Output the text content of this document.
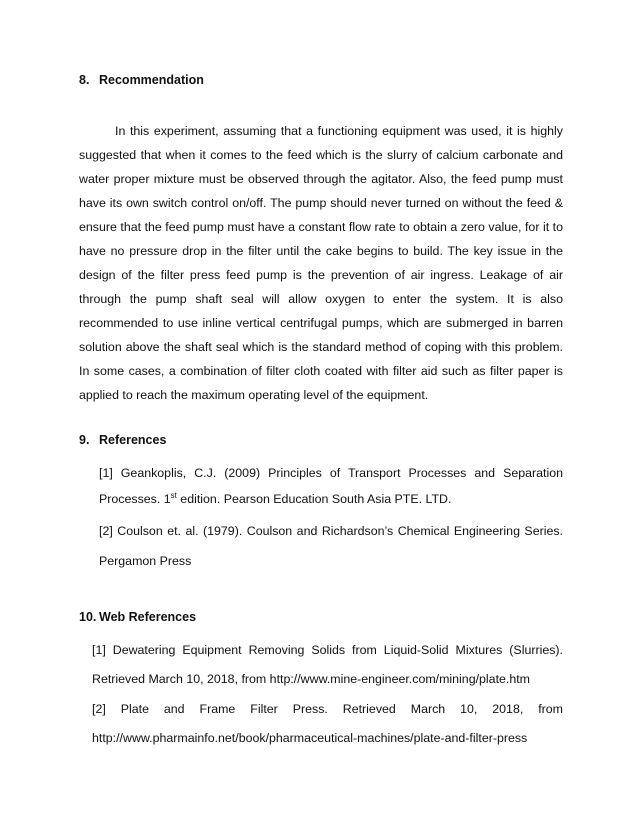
8. Recommendation
In this experiment, assuming that a functioning equipment was used, it is highly
suggested that when it comes to the feed which is the slurry of calcium carbonate and
water proper mixture must be observed through the agitator. Also, the feed pump must
have its own switch control on/off. The pump should never turned on without the feed &
ensure that the feed pump must have a constant flow rate to obtain a zero value, for it to
have no pressure drop in the filter until the cake begins to build. The key issue in the
design of the filter press feed pump is the prevention of air ingress. Leakage of air
through the pump shaft seal will allow oxygen to enter the system. It is also
recommended to use inline vertical centrifugal pumps, which are submerged in barren
solution above the shaft seal which is the standard method of coping with this problem.
In some cases, a combination of filter cloth coated with filter aid such as filter paper is
applied to reach the maximum operating level of the equipment.
9. References
[1] Geankoplis, C.J. (2009) Principles of Transport Processes and Separation
Processes. 1st edition. Pearson Education South Asia PTE. LTD.
[2] Coulson et. al. (1979). Coulson and Richardson’s Chemical Engineering Series.
Pergamon Press
10. Web References
[1] Dewatering Equipment Removing Solids from Liquid-Solid Mixtures (Slurries).
Retrieved March 10, 2018, from http://www.mine-engineer.com/mining/plate.htm
[2] Plate and Frame Filter Press. Retrieved March 10, 2018, from
http://www.pharmainfo.net/book/pharmaceutical-machines/plate-and-filter-press
